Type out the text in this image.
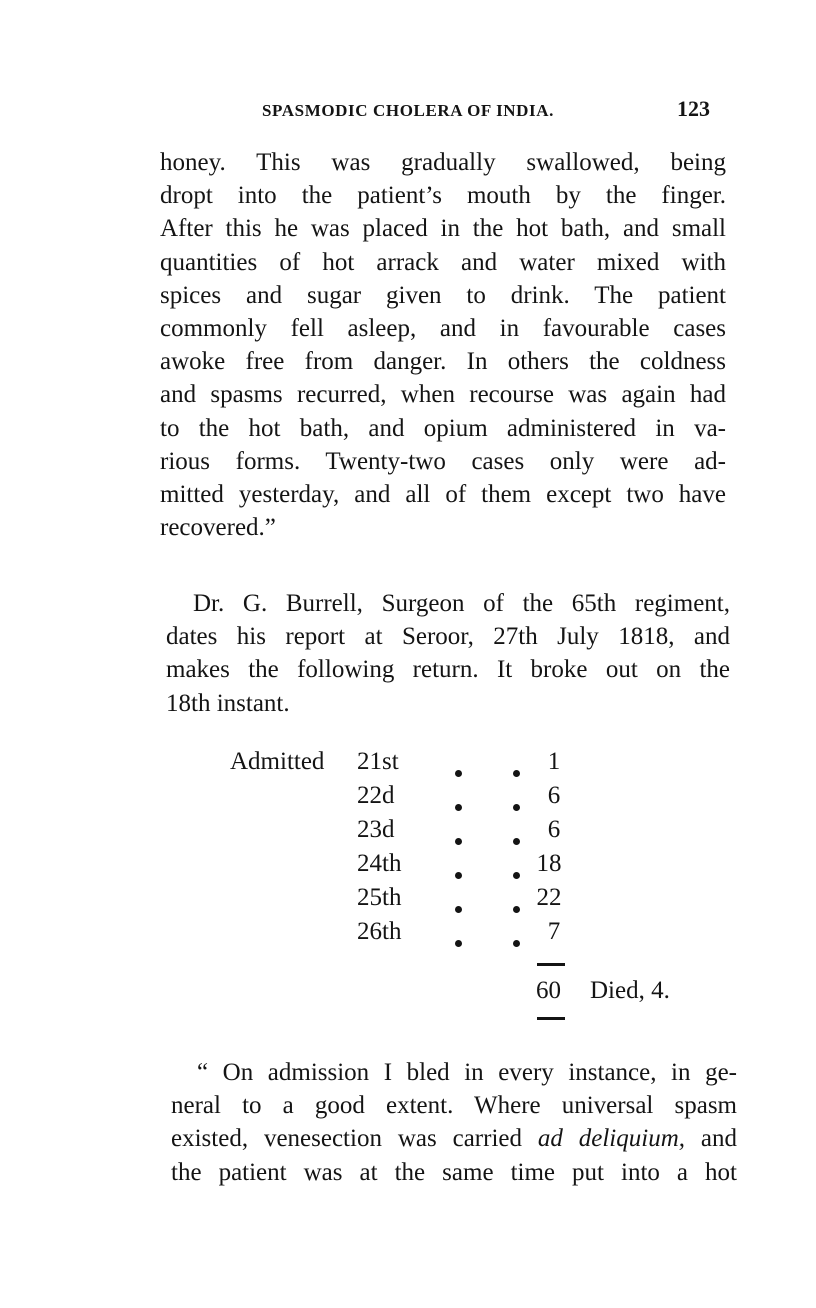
SPASMODIC CHOLERA OF INDIA.	123
honey. This was gradually swallowed, being
dropt into the patient’s mouth by the finger.
After this he was placed in the hot bath, and small
quantities of hot arrack and water mixed with
spices and sugar given to drink. The patient
commonly fell asleep, and in favourable cases
awoke free from danger. In others the coldness
and spasms recurred, when recourse was again had
to the hot bath, and opium administered in va-
rious forms. Twenty-two cases only were ad-
mitted yesterday, and all of them except two have
recovered.”
Dr. G. Burrell, Surgeon of the 65th regiment,
dates his report at Seroor, 27th July 1818, and
makes the following return. It broke out on the
18th instant.
Admitted 21st	1
22d	6
23d	6
24th	18
25th	22
26th	7
60 Died, 4.
“ On admission I bled in every instance, in ge-
neral to a good extent. Where universal spasm
existed, venesection was carried ad deliquium, and
the patient was at the same time put into a hot
